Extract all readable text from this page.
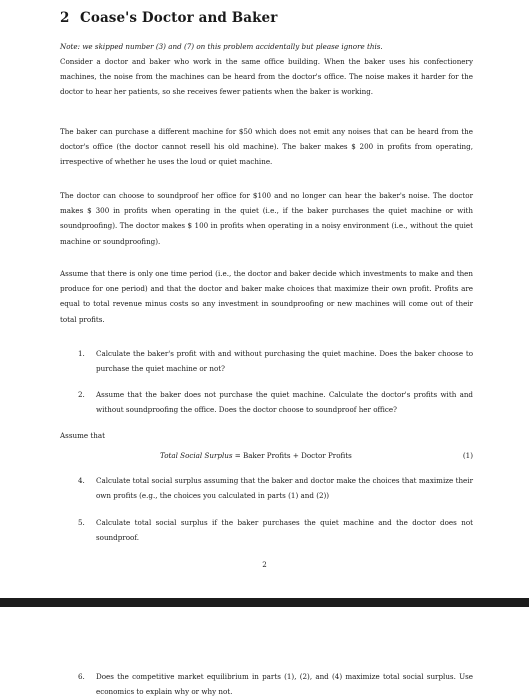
2 Coase's Doctor and Baker

Note: we skipped number (3) and (7) on this problem accidentally but please ignore this.

Consider a doctor and baker who work in the same office building. When the baker uses his confectionery machines, the noise from the machines can be heard from the doctor's office. The noise makes it harder for the doctor to hear her patients, so she receives fewer patients when the baker is working.

The baker can purchase a different machine for $50 which does not emit any noises that can be heard from the doctor's office (the doctor cannot resell his old machine). The baker makes $ 200 in profits from operating, irrespective of whether he uses the loud or quiet machine.

The doctor can choose to soundproof her office for $100 and no longer can hear the baker's noise. The doctor makes $ 300 in profits when operating in the quiet (i.e., if the baker purchases the quiet machine or with soundproofing). The doctor makes $ 100 in profits when operating in a noisy environment (i.e., without the quiet machine or soundproofing).

Assume that there is only one time period (i.e., the doctor and baker decide which investments to make and then produce for one period) and that the doctor and baker make choices that maximize their own profit. Profits are equal to total revenue minus costs so any investment in soundproofing or new machines will come out of their total profits.

1. Calculate the baker's profit with and without purchasing the quiet machine. Does the baker choose to purchase the quiet machine or not?

2. Assume that the baker does not purchase the quiet machine. Calculate the doctor's profits with and without soundproofing the office. Does the doctor choose to soundproof her office?

Assume that

Total Social Surplus = Baker Profits + Doctor Profits	(1)

4. Calculate total social surplus assuming that the baker and doctor make the choices that maximize their own profits (e.g., the choices you calculated in parts (1) and (2))

5. Calculate total social surplus if the baker purchases the quiet machine and the doctor does not soundproof.

2

6. Does the competitive market equilibrium in parts (1), (2), and (4) maximize total social surplus. Use economics to explain why or why not.
